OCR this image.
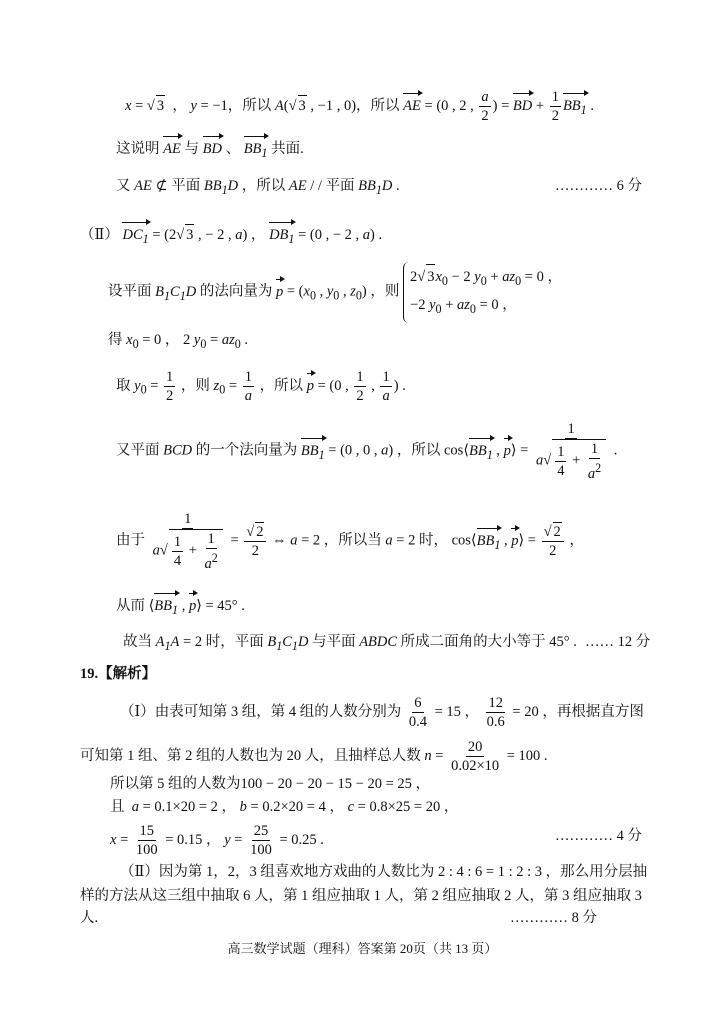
x = √ 3  ， y = −1，所以 A(√ 3 , −1 , 0)，所以 AE = (0 , 2 , $\frac{a}{2}$ ) = BD + $\frac{1}{2} BB_1$ .
这说明 AE 与 BD 、 $BB_1$ 共面.
又 AE ⊄ 平面 $BB_1D$ ，所以 AE / / 平面 $BB_1D$ .	………… 6 分
（Ⅱ） $DC_1 = (2√$ 3 , − 2 , a) ， $DB_1 = (0$ , − 2 , a) .
设平面 $B_1C_1D$ 的法向量为 $p = (x_0$ , $y_0$ , $z_0$) ，则 2√ $3x_0 - 2$ $y_0 + az_0 = 0$ ，
−2 $y_0 + az_0 = 0$ ，
得 $x_0 = 0$ ， 2 $y_0 = az_0$ .
取 $y_0 = \frac{1}{2}$ ，则 $z_0 = \frac{1}{a}$ ，所以 p = (0 , $\frac{1}{2}$ , $\frac{1}{a}$ ) .
又平面 BCD 的一个法向量为 $BB_1 = (0$ , 0 , a) ，所以 $\cos⟨BB_1$ , p⟩ = $\frac{1}{a√ \frac{1}{4} + \frac{1}{a^2}}$ .
由于 $\frac{1}{a√ \frac{1}{4} + \frac{1}{a^2}} = \frac{√ 2}{2}$ ⇔ a = 2 ，所以当 a = 2 时， $\cos⟨BB_1$ , p⟩ = $\frac{√ 2}{2}$ ，
从而 $⟨BB_1$ , p⟩ = 45° .
故当 $A_1A = 2$ 时，平面 $B_1C_1D$ 与平面 ABDC 所成二面角的大小等于 45° . …… 12 分
19.【解析】
（Ⅰ）由表可知第 3 组，第 4 组的人数分别为 $\frac{6}{0.4} = 15$ ， $\frac{12}{0.6} = 20$ ，再根据直方图
可知第 1 组、第 2 组的人数也为 20 人，且抽样总人数 $n = \frac{20}{0.02\times 10} = 100$ .
所以第 5 组的人数为100 − 20 − 20 − 15 − 20 = 25 ，
且  a = 0.1×20 = 2 ， b = 0.2×20 = 4 ， c = 0.8×25 = 20 ，
$x = \frac{15}{100} = 0.15$ ， $y = \frac{25}{100} = 0.25$ .	………… 4 分
（Ⅱ）因为第 1，2，3 组喜欢地方戏曲的人数比为 2 : 4 : 6 = 1 : 2 : 3 ，那么用分层抽
样的方法从这三组中抽取 6 人，第 1 组应抽取 1 人，第 2 组应抽取 2 人，第 3 组应抽取 3
人.	………… 8 分
高三数学试题（理科）答案第 20页（共 13 页）
